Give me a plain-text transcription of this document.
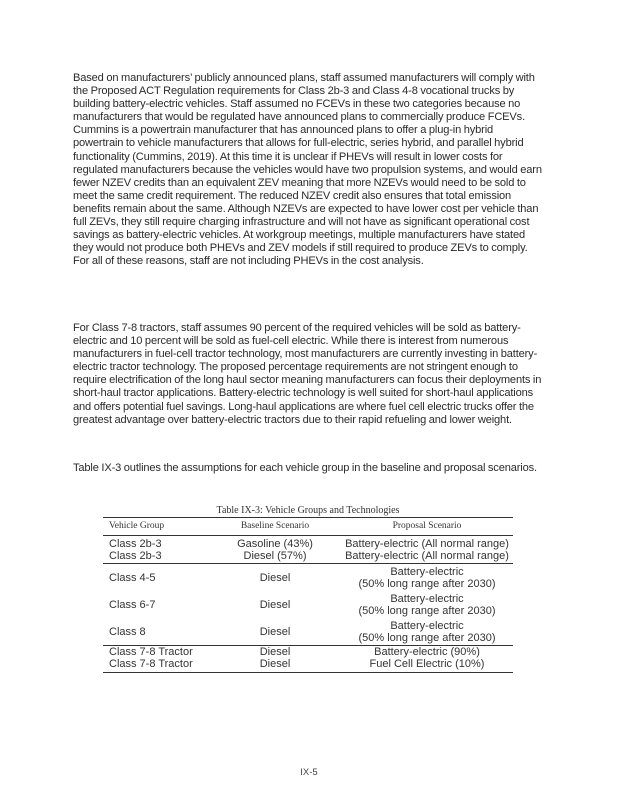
Based on manufacturers’ publicly announced plans, staff assumed manufacturers will comply with the Proposed ACT Regulation requirements for Class 2b-3 and Class 4-8 vocational trucks by building battery-electric vehicles. Staff assumed no FCEVs in these two categories because no manufacturers that would be regulated have announced plans to commercially produce FCEVs. Cummins is a powertrain manufacturer that has announced plans to offer a plug-in hybrid powertrain to vehicle manufacturers that allows for full-electric, series hybrid, and parallel hybrid functionality (Cummins, 2019). At this time it is unclear if PHEVs will result in lower costs for regulated manufacturers because the vehicles would have two propulsion systems, and would earn fewer NZEV credits than an equivalent ZEV meaning that more NZEVs would need to be sold to meet the same credit requirement. The reduced NZEV credit also ensures that total emission benefits remain about the same. Although NZEVs are expected to have lower cost per vehicle than full ZEVs, they still require charging infrastructure and will not have as significant operational cost savings as battery-electric vehicles. At workgroup meetings, multiple manufacturers have stated they would not produce both PHEVs and ZEV models if still required to produce ZEVs to comply. For all of these reasons, staff are not including PHEVs in the cost analysis.

For Class 7-8 tractors, staff assumes 90 percent of the required vehicles will be sold as battery-electric and 10 percent will be sold as fuel-cell electric. While there is interest from numerous manufacturers in fuel-cell tractor technology, most manufacturers are currently investing in battery-electric tractor technology. The proposed percentage requirements are not stringent enough to require electrification of the long haul sector meaning manufacturers can focus their deployments in short-haul tractor applications. Battery-electric technology is well suited for short-haul applications and offers potential fuel savings. Long-haul applications are where fuel cell electric trucks offer the greatest advantage over battery-electric tractors due to their rapid refueling and lower weight.

Table IX-3 outlines the assumptions for each vehicle group in the baseline and proposal scenarios.

Table IX-3: Vehicle Groups and Technologies

Vehicle Group	Baseline Scenario	Proposal Scenario
Class 2b-3	Gasoline (43%)	Battery-electric (All normal range)
Class 2b-3	Diesel (57%)	Battery-electric (All normal range)
Class 4-5	Diesel	Battery-electric
(50% long range after 2030)
Class 6-7	Diesel	Battery-electric
(50% long range after 2030)
Class 8	Diesel	Battery-electric
(50% long range after 2030)
Class 7-8 Tractor	Diesel	Battery-electric (90%)
Class 7-8 Tractor	Diesel	Fuel Cell Electric (10%)
IX-5
